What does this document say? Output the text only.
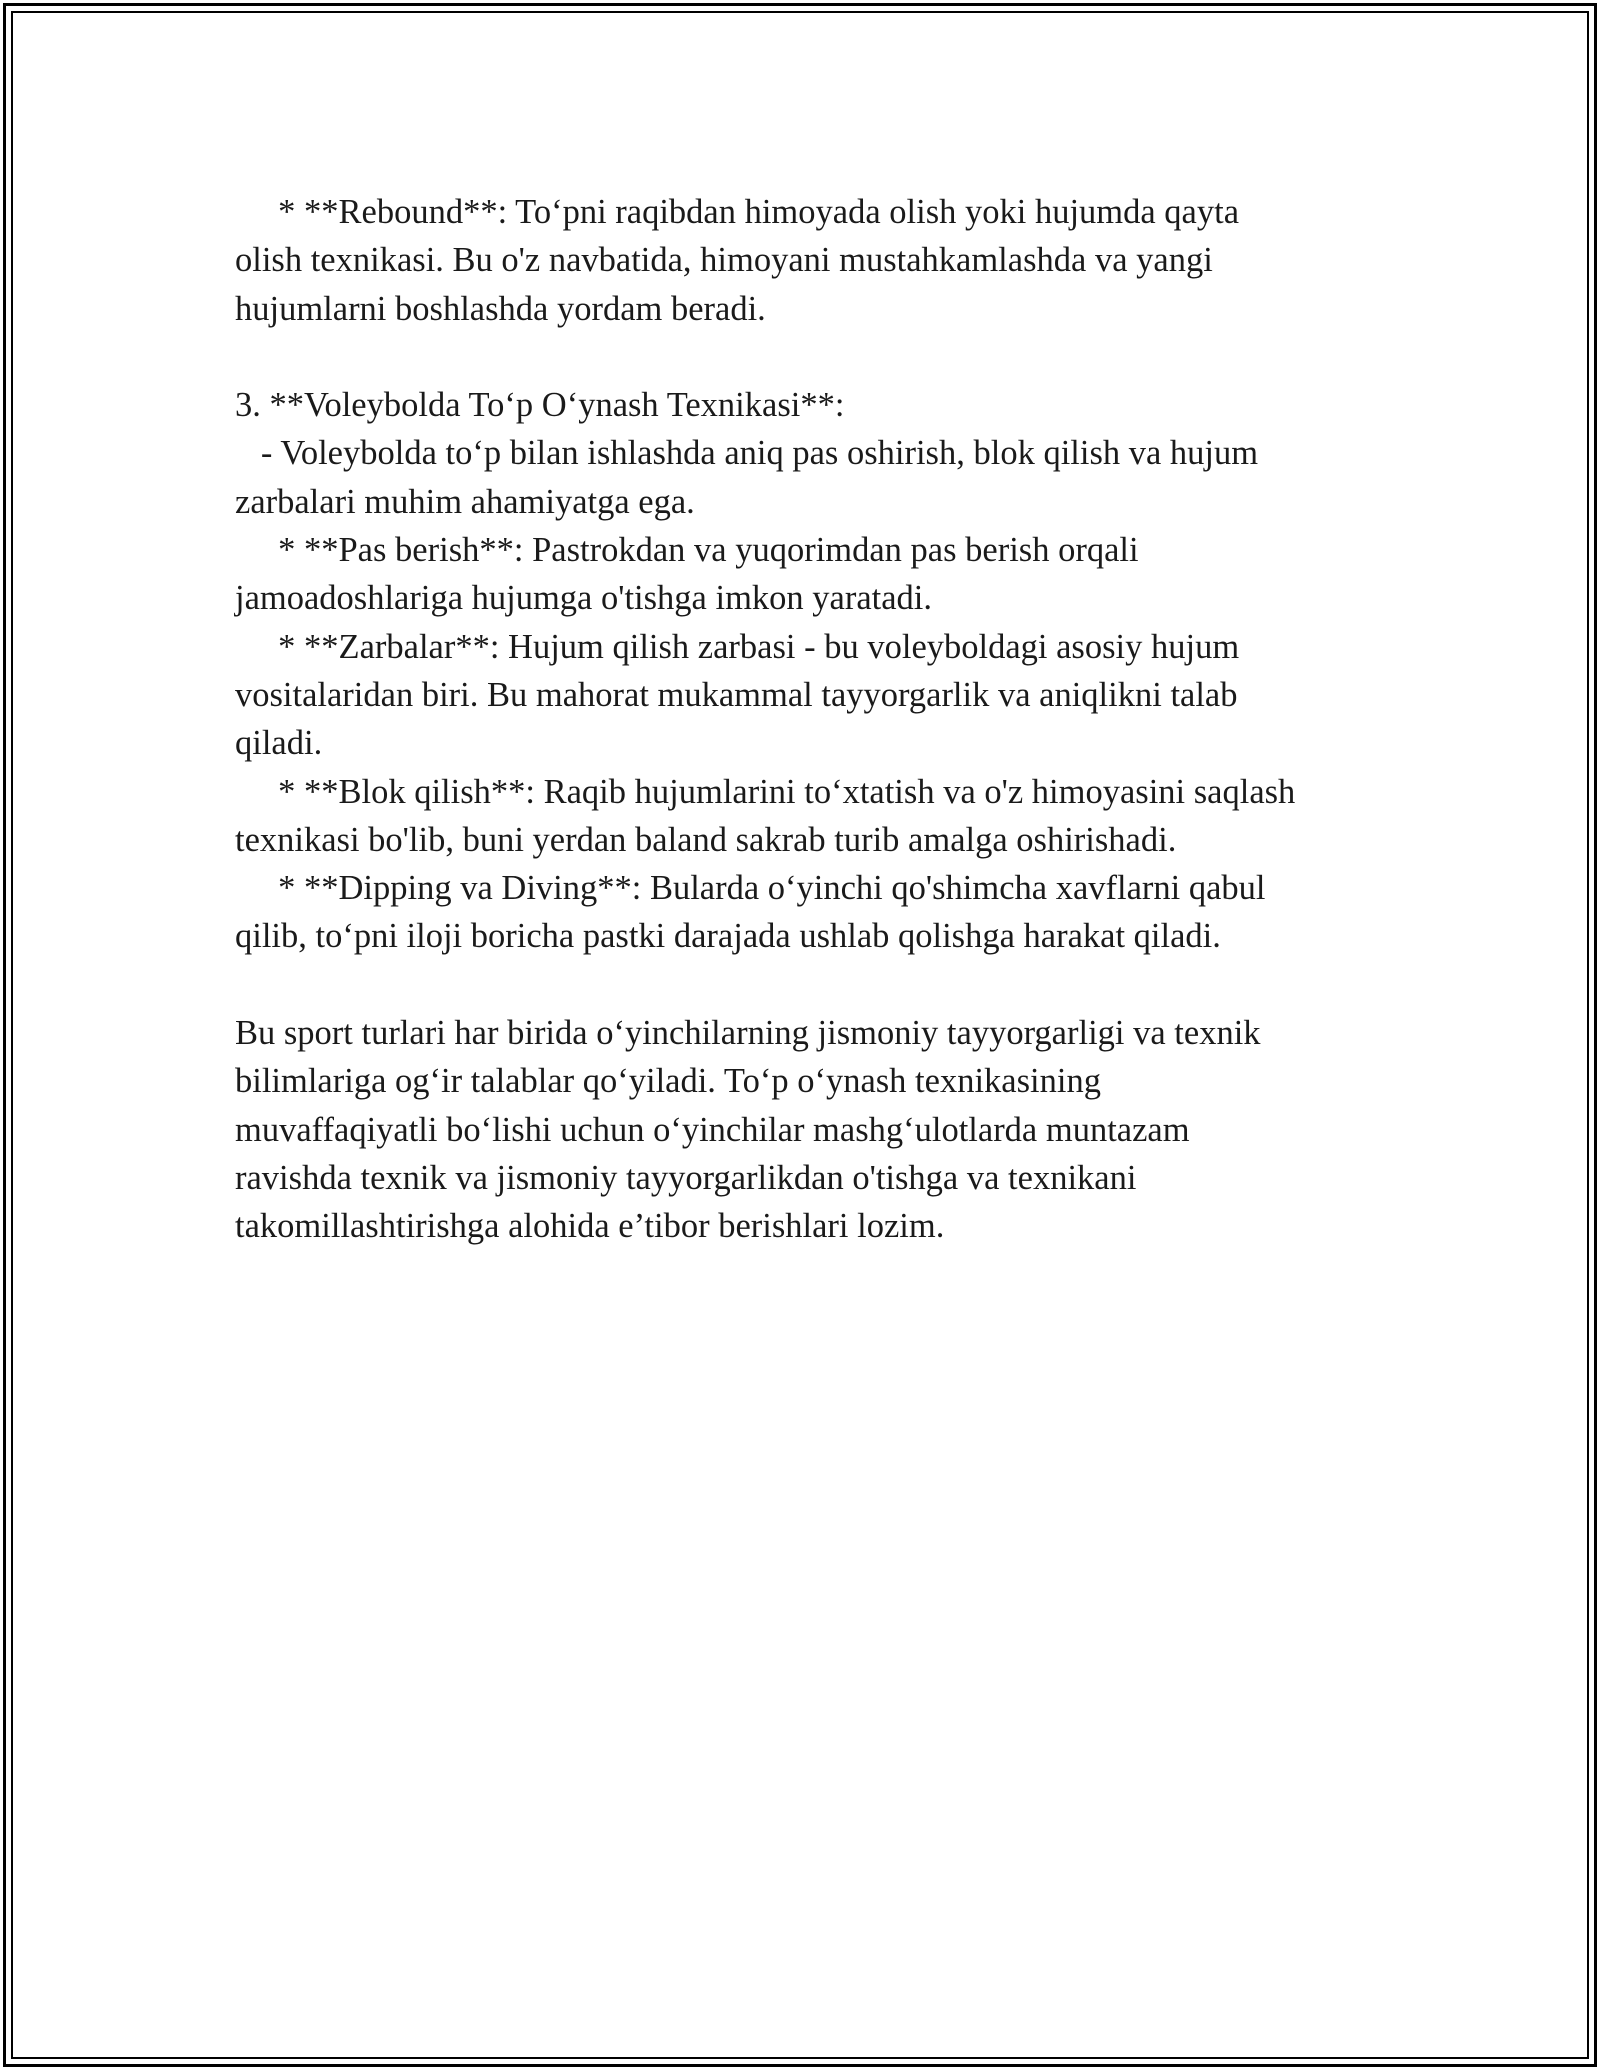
* **Rebound**: To‘pni raqibdan himoyada olish yoki hujumda qayta

olish texnikasi. Bu o'z navbatida, himoyani mustahkamlashda va yangi

hujumlarni boshlashda yordam beradi.

3. **Voleybolda To‘p O‘ynash Texnikasi**:

- Voleybolda to‘p bilan ishlashda aniq pas oshirish, blok qilish va hujum

zarbalari muhim ahamiyatga ega.

* **Pas berish**: Pastrokdan va yuqorimdan pas berish orqali

jamoadoshlariga hujumga o'tishga imkon yaratadi.

* **Zarbalar**: Hujum qilish zarbasi - bu voleyboldagi asosiy hujum

vositalaridan biri. Bu mahorat mukammal tayyorgarlik va aniqlikni talab

qiladi.

* **Blok qilish**: Raqib hujumlarini to‘xtatish va o'z himoyasini saqlash

texnikasi bo'lib, buni yerdan baland sakrab turib amalga oshirishadi.

* **Dipping va Diving**: Bularda o‘yinchi qo'shimcha xavflarni qabul

qilib, to‘pni iloji boricha pastki darajada ushlab qolishga harakat qiladi.

Bu sport turlari har birida o‘yinchilarning jismoniy tayyorgarligi va texnik

bilimlariga og‘ir talablar qo‘yiladi. To‘p o‘ynash texnikasining

muvaffaqiyatli bo‘lishi uchun o‘yinchilar mashg‘ulotlarda muntazam

ravishda texnik va jismoniy tayyorgarlikdan o'tishga va texnikani

takomillashtirishga alohida e’tibor berishlari lozim.
